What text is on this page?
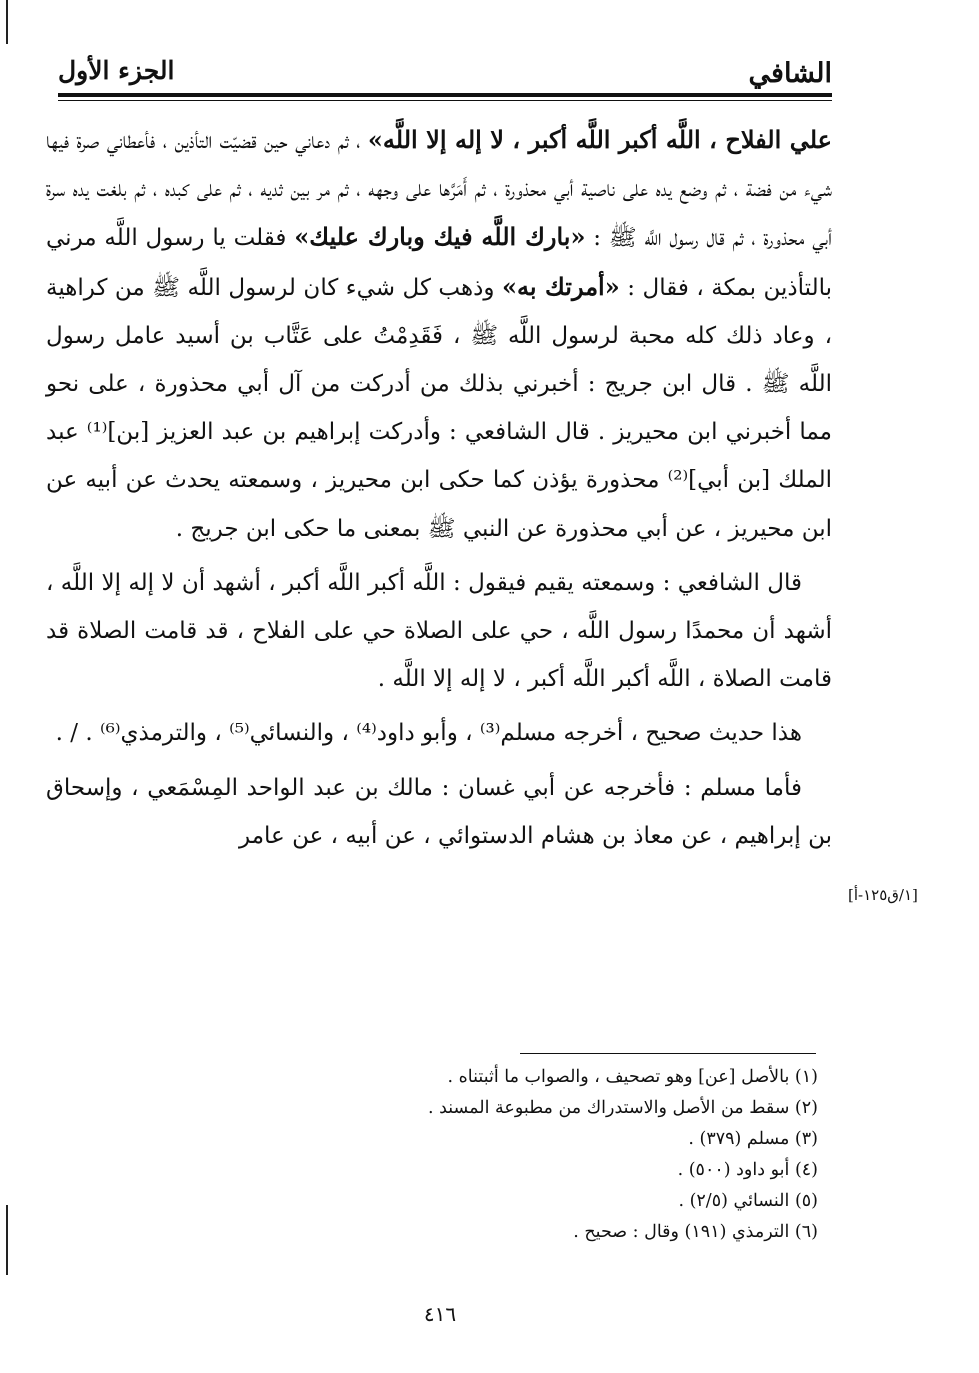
الشافي
الجزء الأول

علي الفلاح ، اللَّه أكبر اللَّه أكبر ، لا إله إلا اللَّه» ، ثم دعاني حين قضيّت التأذين ، فأعطاني صرة فيها شيء من فضة ، ثم وضع يده على ناصية أبي محذورة ، ثم أَمَرَّها على وجهه ، ثم مر بين ثديه ، ثم على كبده ، ثم بلغت يده سرة أبي محذورة ، ثم قال رسول اللَّه ﷺ : «بارك اللَّه فيك وبارك عليك» فقلت يا رسول اللَّه مرني بالتأذين بمكة ، فقال : «أمرتك به» وذهب كل شيء كان لرسول اللَّه ﷺ من كراهية ، وعاد ذلك كله محبة لرسول اللَّه ﷺ ، فَقَدِمْتُ على عَتَّاب بن أسيد عامل رسول اللَّه ﷺ . قال ابن جريج : أخبرني بذلك من أدركت من آل أبي محذورة ، على نحو مما أخبرني ابن محيريز . قال الشافعي : وأدركت إبراهيم بن عبد العزيز [بن]⁽¹⁾ عبد الملك [بن أبي]⁽²⁾ محذورة يؤذن كما حكى ابن محيريز ، وسمعته يحدث عن أبيه عن ابن محيريز ، عن أبي محذورة عن النبي ﷺ بمعنى ما حكى ابن جريج .

قال الشافعي : وسمعته يقيم فيقول : اللَّه أكبر اللَّه أكبر ، أشهد أن لا إله إلا اللَّه ، أشهد أن محمدًا رسول اللَّه ، حي على الصلاة حي على الفلاح ، قد قامت الصلاة قد قامت الصلاة ، اللَّه أكبر اللَّه أكبر ، لا إله إلا اللَّه .

هذا حديث صحيح ، أخرجه مسلم⁽³⁾ ، وأبو داود⁽⁴⁾ ، والنسائي⁽⁵⁾ ، والترمذي⁽⁶⁾ . / .

فأما مسلم : فأخرجه عن أبي غسان : مالك بن عبد الواحد المِسْمَعي ، وإسحاق بن إبراهيم ، عن معاذ بن هشام الدستوائي ، عن أبيه ، عن عامر

[١/ق١٢٥-أ]

(١) بالأصل [عن] وهو تصحيف ، والصواب ما أثبتناه .

(٢) سقط من الأصل والاستدراك من مطبوعة المسند .

(٣) مسلم (٣٧٩) .

(٤) أبو داود (٥٠٠) .

(٥) النسائي (٢/٥) .

(٦) الترمذي (١٩١) وقال : صحيح .

٤١٦
